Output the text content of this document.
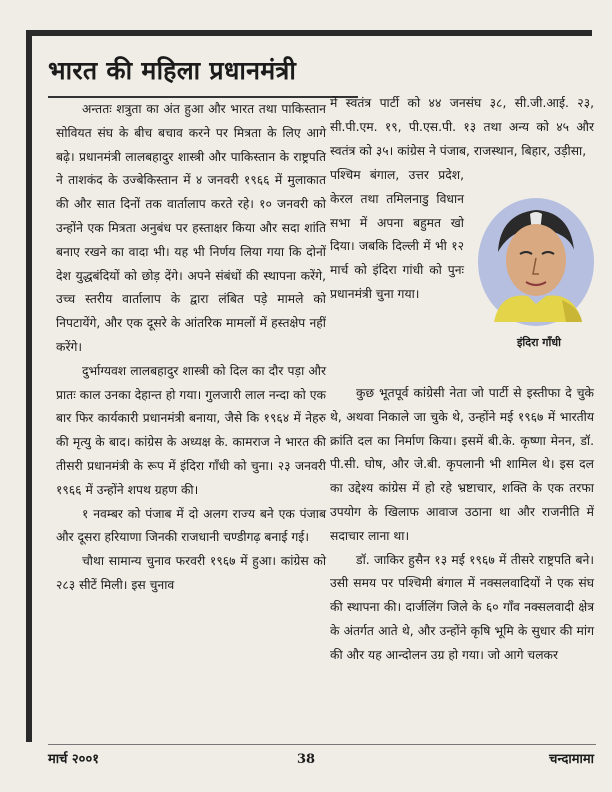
भारत की महिला प्रधानमंत्री

अन्ततः शत्रुता का अंत हुआ और भारत तथा पाकिस्तान सोवियत संघ के बीच बचाव करने पर मित्रता के लिए आगे बढ़े। प्रधानमंत्री लालबहादुर शास्त्री और पाकिस्तान के राष्ट्रपति ने ताशकंद के उज्बेकिस्तान में ४ जनवरी १९६६ में मुलाकात की और सात दिनों तक वार्तालाप करते रहे। १० जनवरी को उन्होंने एक मित्रता अनुबंध पर हस्ताक्षर किया और सदा शांति बनाए रखने का वादा भी। यह भी निर्णय लिया गया कि दोनों देश युद्धबंदियों को छोड़ देंगे। अपने संबंधों की स्थापना करेंगे, उच्च स्तरीय वार्तालाप के द्वारा लंबित पड़े मामले को निपटायेंगे, और एक दूसरे के आंतरिक मामलों में हस्तक्षेप नहीं करेंगे।

दुर्भाग्यवश लालबहादुर शास्त्री को दिल का दौर पड़ा और प्रातः काल उनका देहान्त हो गया। गुलजारी लाल नन्दा को एक बार फिर कार्यकारी प्रधानमंत्री बनाया, जैसे कि १९६४ में नेहरु की मृत्यु के बाद। कांग्रेस के अध्यक्ष के. कामराज ने भारत की तीसरी प्रधानमंत्री के रूप में इंदिरा गाँधी को चुना। २३ जनवरी १९६६ में उन्होंने शपथ ग्रहण की।

१ नवम्बर को पंजाब में दो अलग राज्य बने एक पंजाब और दूसरा हरियाणा जिनकी राजधानी चण्डीगढ़ बनाई गई।

चौथा सामान्य चुनाव फरवरी १९६७ में हुआ। कांग्रेस को २८३ सीटें मिली। इस चुनाव

में स्वतंत्र पार्टी को ४४ जनसंघ ३८, सी.जी.आई. २३, सी.पी.एम. १९, पी.एस.पी. १३ तथा अन्य को ४५ और स्वतंत्र को ३५। कांग्रेस ने पंजाब, राजस्थान, बिहार, उड़ीसा,

पश्चिम बंगाल, उत्तर प्रदेश, केरल तथा तमिलनाडु विधान सभा में अपना बहुमत खो दिया। जबकि दिल्ली में भी १२ मार्च को इंदिरा गांधी को पुनः प्रधानमंत्री चुना गया।

इंदिरा गाँधी

कुछ भूतपूर्व कांग्रेसी नेता जो पार्टी से इस्तीफा दे चुके थे, अथवा निकाले जा चुके थे, उन्होंने मई १९६७ में भारतीय क्रांति दल का निर्माण किया। इसमें बी.के. कृष्णा मेनन, डॉ. पी.सी. घोष, और जे.बी. कृपलानी भी शामिल थे। इस दल का उद्देश्य कांग्रेस में हो रहे भ्रष्टाचार, शक्ति के एक तरफा उपयोग के खिलाफ आवाज उठाना था और राजनीति में सदाचार लाना था।

डॉ. जाकिर हुसैन १३ मई १९६७ में तीसरे राष्ट्रपति बने। उसी समय पर पश्चिमी बंगाल में नक्सलवादियों ने एक संघ की स्थापना की। दार्जलिंग जिले के ६० गाँव नक्सलवादी क्षेत्र के अंतर्गत आते थे, और उन्होंने कृषि भूमि के सुधार की मांग की और यह आन्दोलन उग्र हो गया। जो आगे चलकर

मार्च २००१	38	चन्दामामा
